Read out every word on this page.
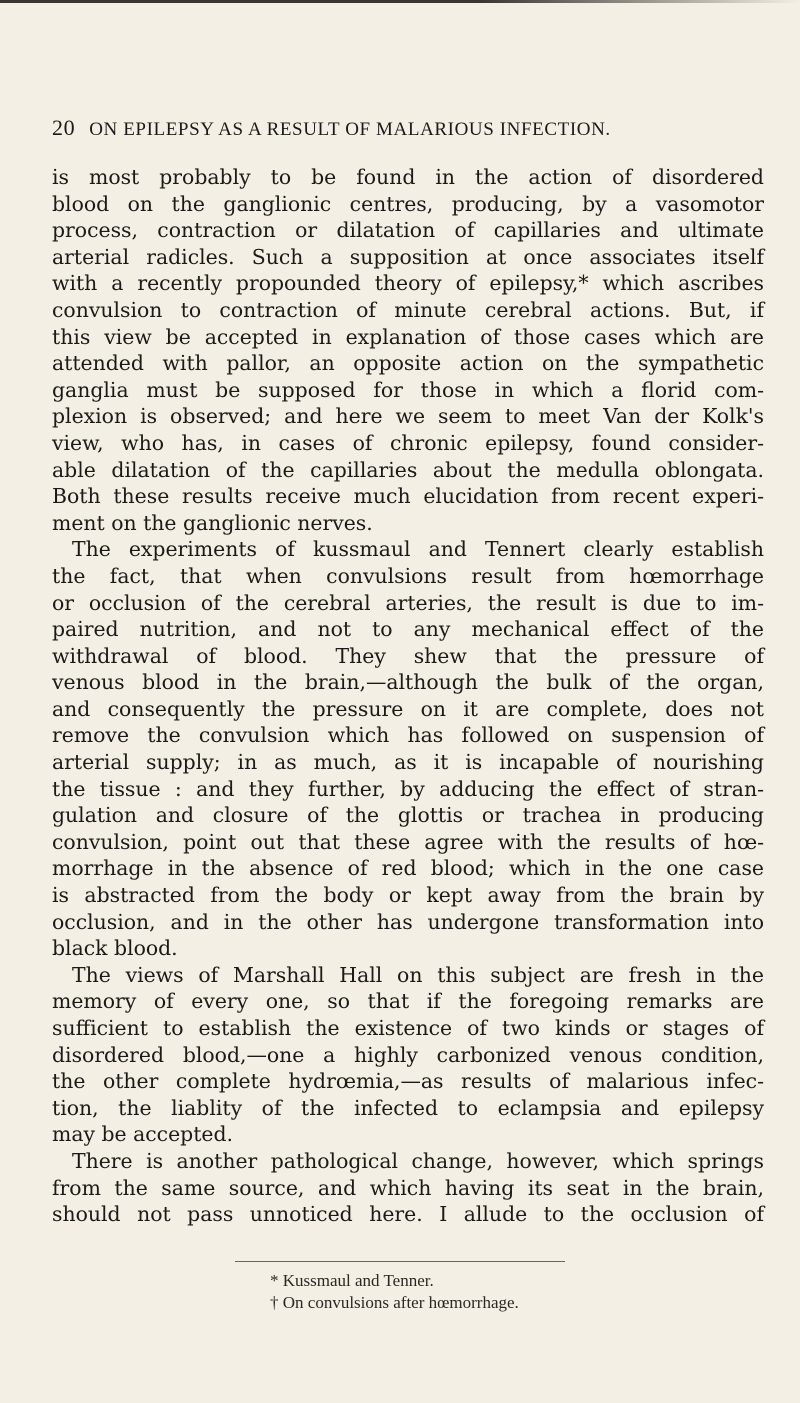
20 ON EPILEPSY AS A RESULT OF MALARIOUS INFECTION.
is most probably to be found in the action of disordered
blood on the ganglionic centres, producing, by a vasomotor
process, contraction or dilatation of capillaries and ultimate
arterial radicles. Such a supposition at once associates itself
with a recently propounded theory of epilepsy,* which ascribes
convulsion to contraction of minute cerebral actions. But, if
this view be accepted in explanation of those cases which are
attended with pallor, an opposite action on the sympathetic
ganglia must be supposed for those in which a florid com-
plexion is observed; and here we seem to meet Van der Kolk's
view, who has, in cases of chronic epilepsy, found consider-
able dilatation of the capillaries about the medulla oblongata.
Both these results receive much elucidation from recent experi-
ment on the ganglionic nerves.
The experiments of kussmaul and Tennert clearly establish
the fact, that when convulsions result from hœmorrhage
or occlusion of the cerebral arteries, the result is due to im-
paired nutrition, and not to any mechanical effect of the
withdrawal of blood. They shew that the pressure of
venous blood in the brain,—although the bulk of the organ,
and consequently the pressure on it are complete, does not
remove the convulsion which has followed on suspension of
arterial supply; in as much, as it is incapable of nourishing
the tissue : and they further, by adducing the effect of stran-
gulation and closure of the glottis or trachea in producing
convulsion, point out that these agree with the results of hœ-
morrhage in the absence of red blood; which in the one case
is abstracted from the body or kept away from the brain by
occlusion, and in the other has undergone transformation into
black blood.
The views of Marshall Hall on this subject are fresh in the
memory of every one, so that if the foregoing remarks are
sufficient to establish the existence of two kinds or stages of
disordered blood,—one a highly carbonized venous condition,
the other complete hydrœmia,—as results of malarious infec-
tion, the liablity of the infected to eclampsia and epilepsy
may be accepted.
There is another pathological change, however, which springs
from the same source, and which having its seat in the brain,
should not pass unnoticed here. I allude to the occlusion of
* Kussmaul and Tenner.
† On convulsions after hœmorrhage.
